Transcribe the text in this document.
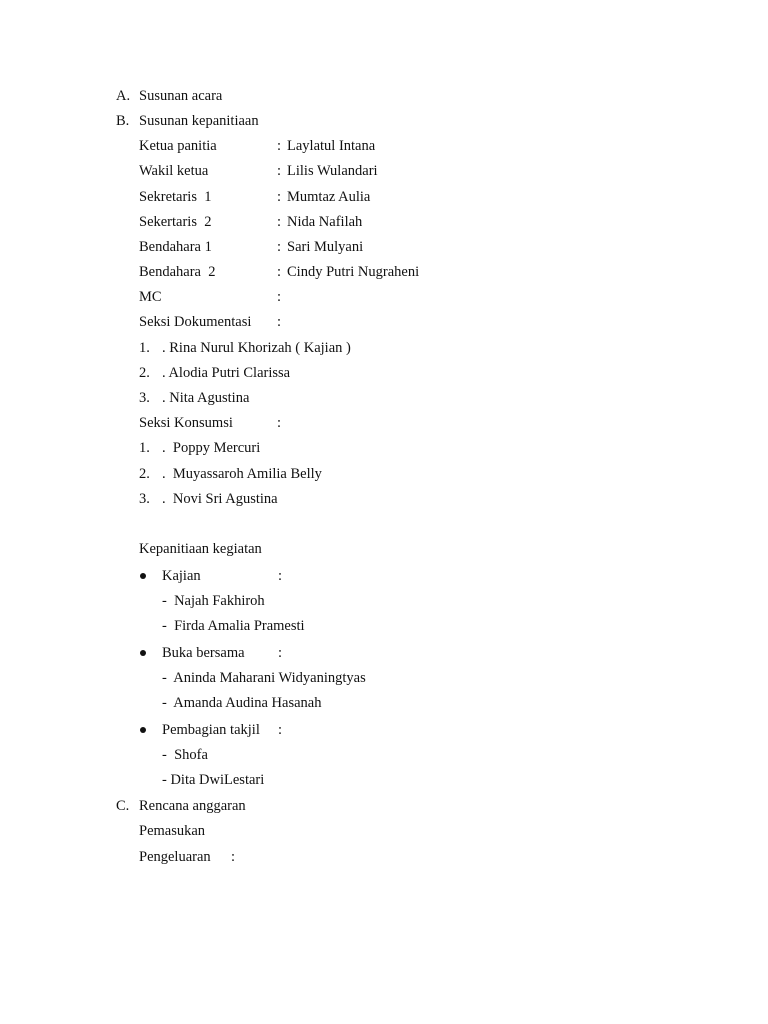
A. Susunan acara
B. Susunan kepanitiaan
Ketua panitia	: Laylatul Intana
Wakil ketua	: Lilis Wulandari
Sekretaris  1	: Mumtaz Aulia
Sekertaris  2	: Nida Nafilah
Bendahara 1	: Sari Mulyani
Bendahara  2	: Cindy Putri Nugraheni
MC	:
Seksi Dokumentasi :
1. . Rina Nurul Khorizah ( Kajian )
2. . Alodia Putri Clarissa
3. . Nita Agustina
Seksi Konsumsi	:
1. .  Poppy Mercuri
2. .  Muyassaroh Amilia Belly
3. .  Novi Sri Agustina
Kepanitiaan kegiatan
Kajian	:
-  Najah Fakhiroh
-  Firda Amalia Pramesti
Buka bersama :
-  Aninda Maharani Widyaningtyas
-  Amanda Audina Hasanah
Pembagian takjil :
-  Shofa
- Dita DwiLestari
C. Rencana anggaran
Pemasukan
Pengeluaran :
